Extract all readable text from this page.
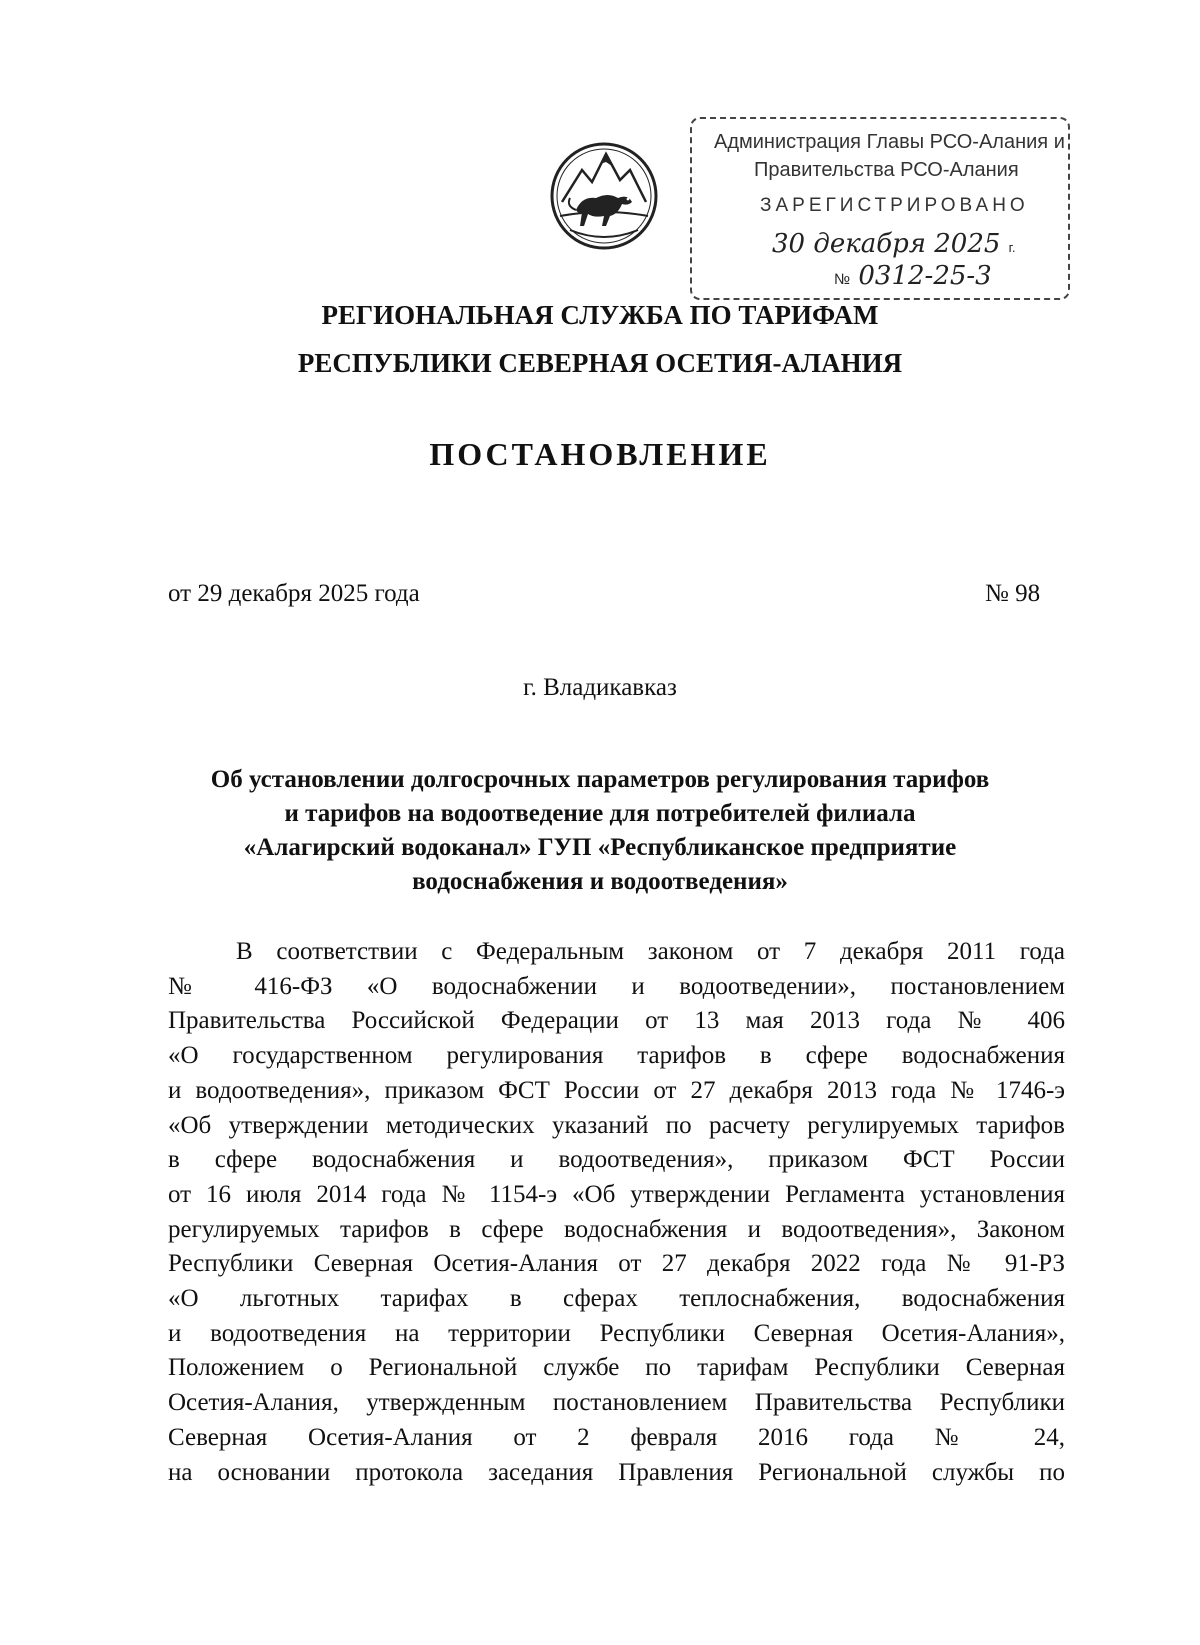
Администрация Главы РСО-Алания и
Правительства РСО-Алания
ЗАРЕГИСТРИРОВАНО
30 декабря 2025 г.
№ 0312-25-3
РЕГИОНАЛЬНАЯ СЛУЖБА ПО ТАРИФАМ
РЕСПУБЛИКИ СЕВЕРНАЯ ОСЕТИЯ-АЛАНИЯ
ПОСТАНОВЛЕНИЕ
от 29 декабря 2025 года	№ 98
г. Владикавказ
Об установлении долгосрочных параметров регулирования тарифов
и тарифов на водоотведение для потребителей филиала
«Алагирский водоканал» ГУП «Республиканское предприятие
водоснабжения и водоотведения»
В соответствии с Федеральным законом от 7 декабря 2011 года
№ 416-ФЗ «О водоснабжении и водоотведении», постановлением
Правительства Российской Федерации от 13 мая 2013 года № 406
«О государственном регулирования тарифов в сфере водоснабжения
и водоотведения», приказом ФСТ России от 27 декабря 2013 года № 1746-э
«Об утверждении методических указаний по расчету регулируемых тарифов
в сфере водоснабжения и водоотведения», приказом ФСТ России
от 16 июля 2014 года № 1154-э «Об утверждении Регламента установления
регулируемых тарифов в сфере водоснабжения и водоотведения», Законом
Республики Северная Осетия-Алания от 27 декабря 2022 года № 91-РЗ
«О льготных тарифах в сферах теплоснабжения, водоснабжения
и водоотведения на территории Республики Северная Осетия-Алания»,
Положением о Региональной службе по тарифам Республики Северная
Осетия-Алания, утвержденным постановлением Правительства Республики
Северная Осетия-Алания от 2 февраля 2016 года № 24,
на основании протокола заседания Правления Региональной службы по
